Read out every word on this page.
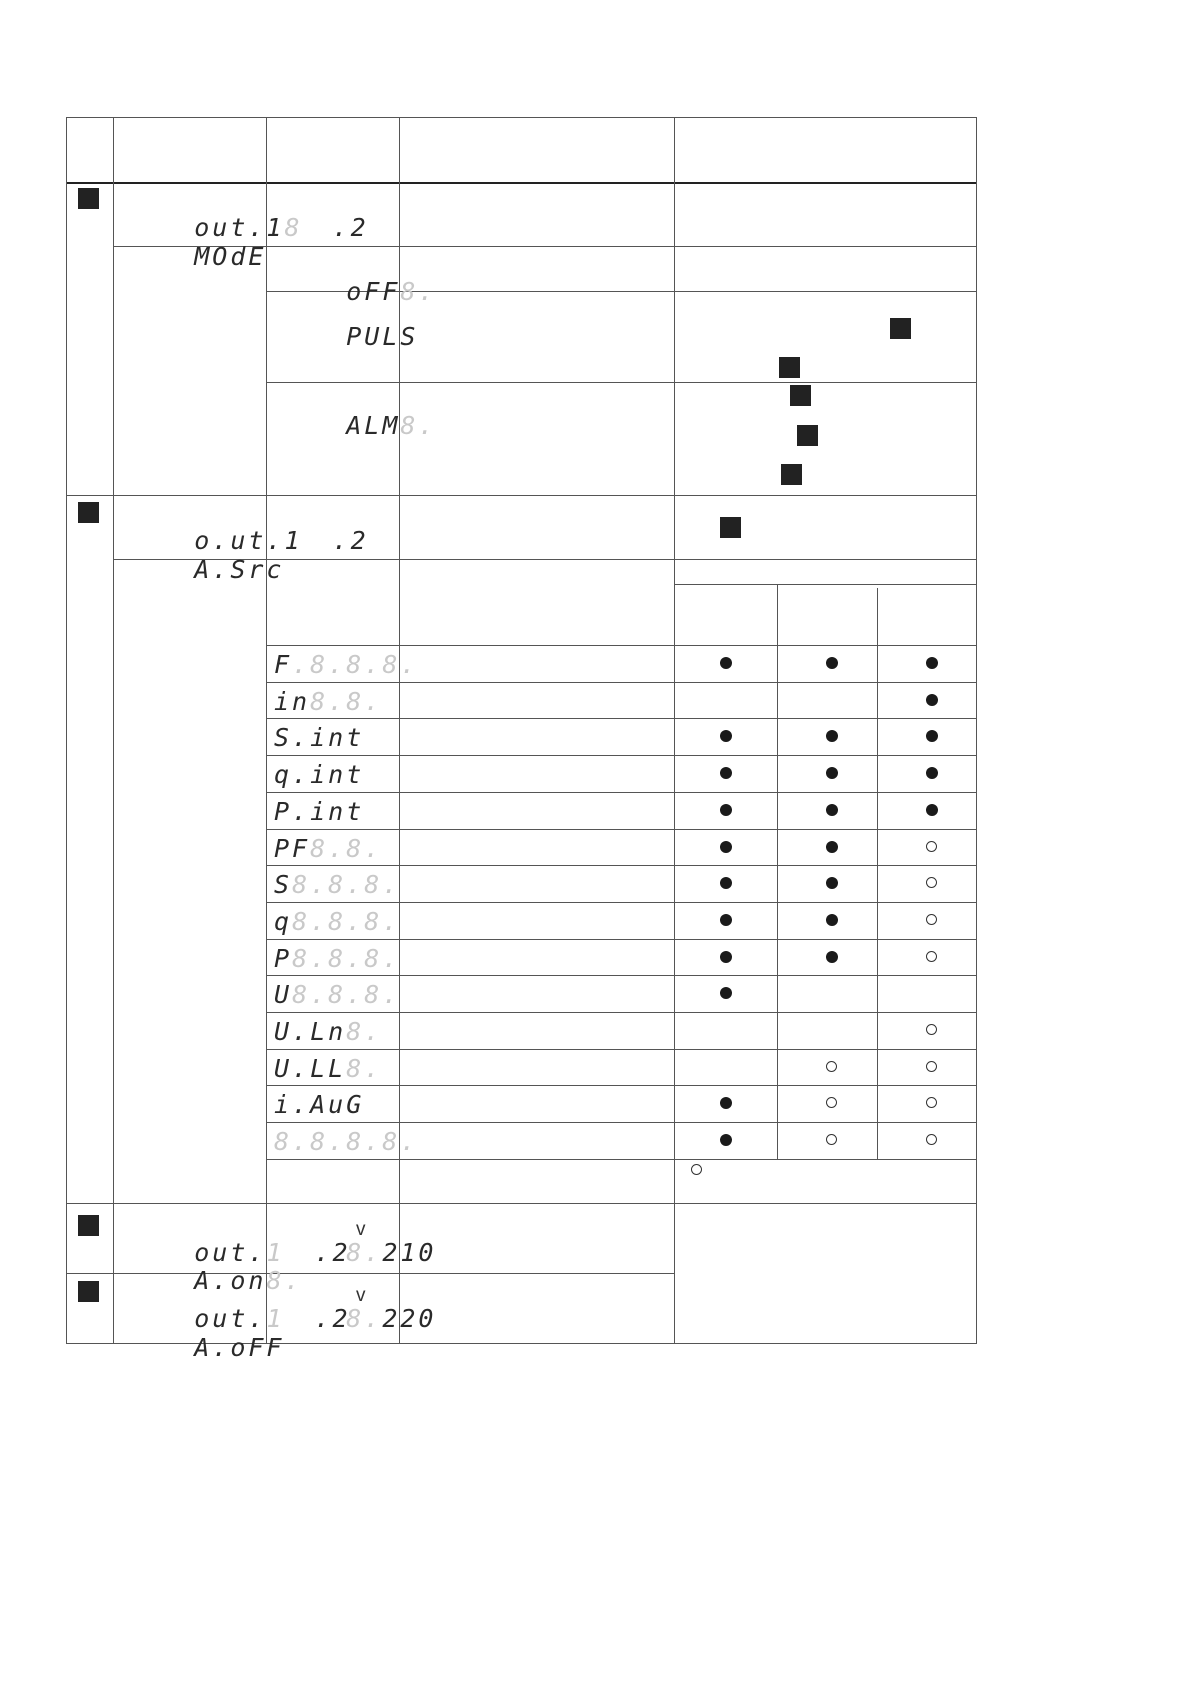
out.18 .2

MOdE

o.ut.1 .2

A.Src

out.1 .2

A.on8.

out.1 .2

A.oFF

oFF8.

PULS

ALM8.

8.210

v

8.220

v
F.8.8.8.
in8.8.
S.int
q.int
P.int
PF8.8.
S8.8.8.
q8.8.8.
P8.8.8.
U8.8.8.
U.Ln8.
U.LL8.
i.AuG
8.8.8.8.
